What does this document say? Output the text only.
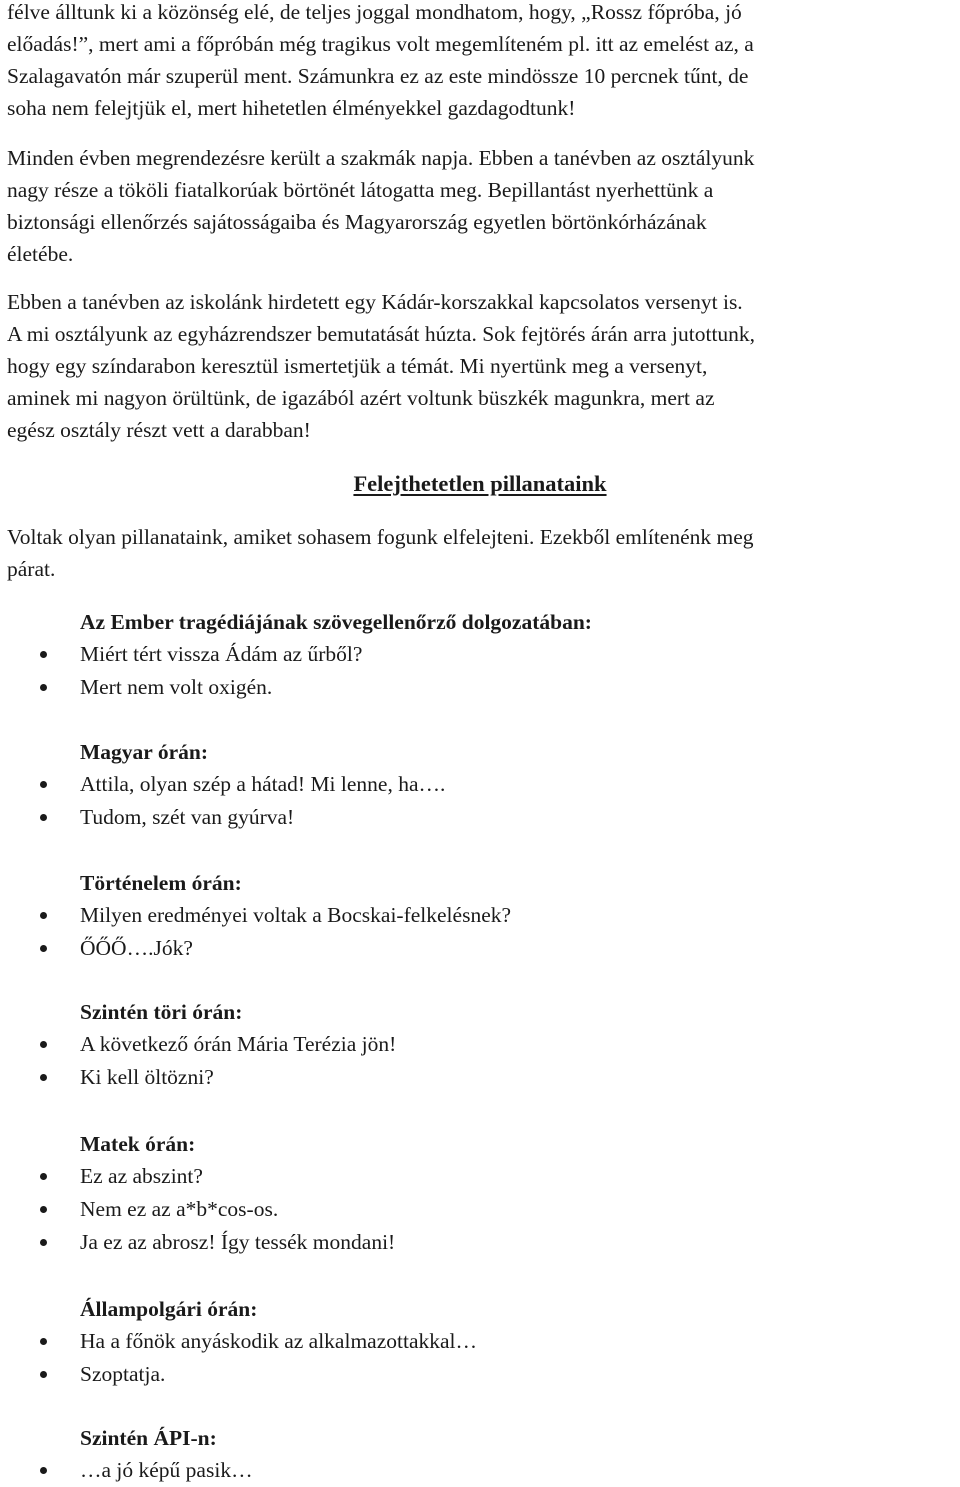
félve álltunk ki a közönség elé, de teljes joggal mondhatom, hogy, „Rossz főpróba, jó
előadás!”, mert ami a főpróbán még tragikus volt megemlíteném pl. itt az emelést az, a
Szalagavatón már szuperül ment. Számunkra ez az este mindössze 10 percnek tűnt, de
soha nem felejtjük el, mert hihetetlen élményekkel gazdagodtunk!

Minden évben megrendezésre került a szakmák napja. Ebben a tanévben az osztályunk
nagy része a tököli fiatalkorúak börtönét látogatta meg. Bepillantást nyerhettünk a
biztonsági ellenőrzés sajátosságaiba és Magyarország egyetlen börtönkórházának
életébe.

Ebben a tanévben az iskolánk hirdetett egy Kádár-korszakkal kapcsolatos versenyt is.
A mi osztályunk az egyházrendszer bemutatását húzta. Sok fejtörés árán arra jutottunk,
hogy egy színdarabon keresztül ismertetjük a témát. Mi nyertünk meg a versenyt,
aminek mi nagyon örültünk, de igazából azért voltunk büszkék magunkra, mert az
egész osztály részt vett a darabban!

Felejthetetlen pillanataink

Voltak olyan pillanataink, amiket sohasem fogunk elfelejteni. Ezekből említenénk meg
párat.

Az Ember tragédiájának szövegellenőrző dolgozatában:
Miért tért vissza Ádám az űrből?
Mert nem volt oxigén.
Magyar órán:
Attila, olyan szép a hátad! Mi lenne, ha….
Tudom, szét van gyúrva!
Történelem órán:
Milyen eredményei voltak a Bocskai-felkelésnek?
ŐŐŐ….Jók?
Szintén töri órán:
A következő órán Mária Terézia jön!
Ki kell öltözni?
Matek órán:
Ez az abszint?
Nem ez az a*b*cos-os.
Ja ez az abrosz! Így tessék mondani!
Állampolgári órán:
Ha a főnök anyáskodik az alkalmazottakkal…
Szoptatja.
Szintén ÁPI-n:
…a jó képű pasik…
